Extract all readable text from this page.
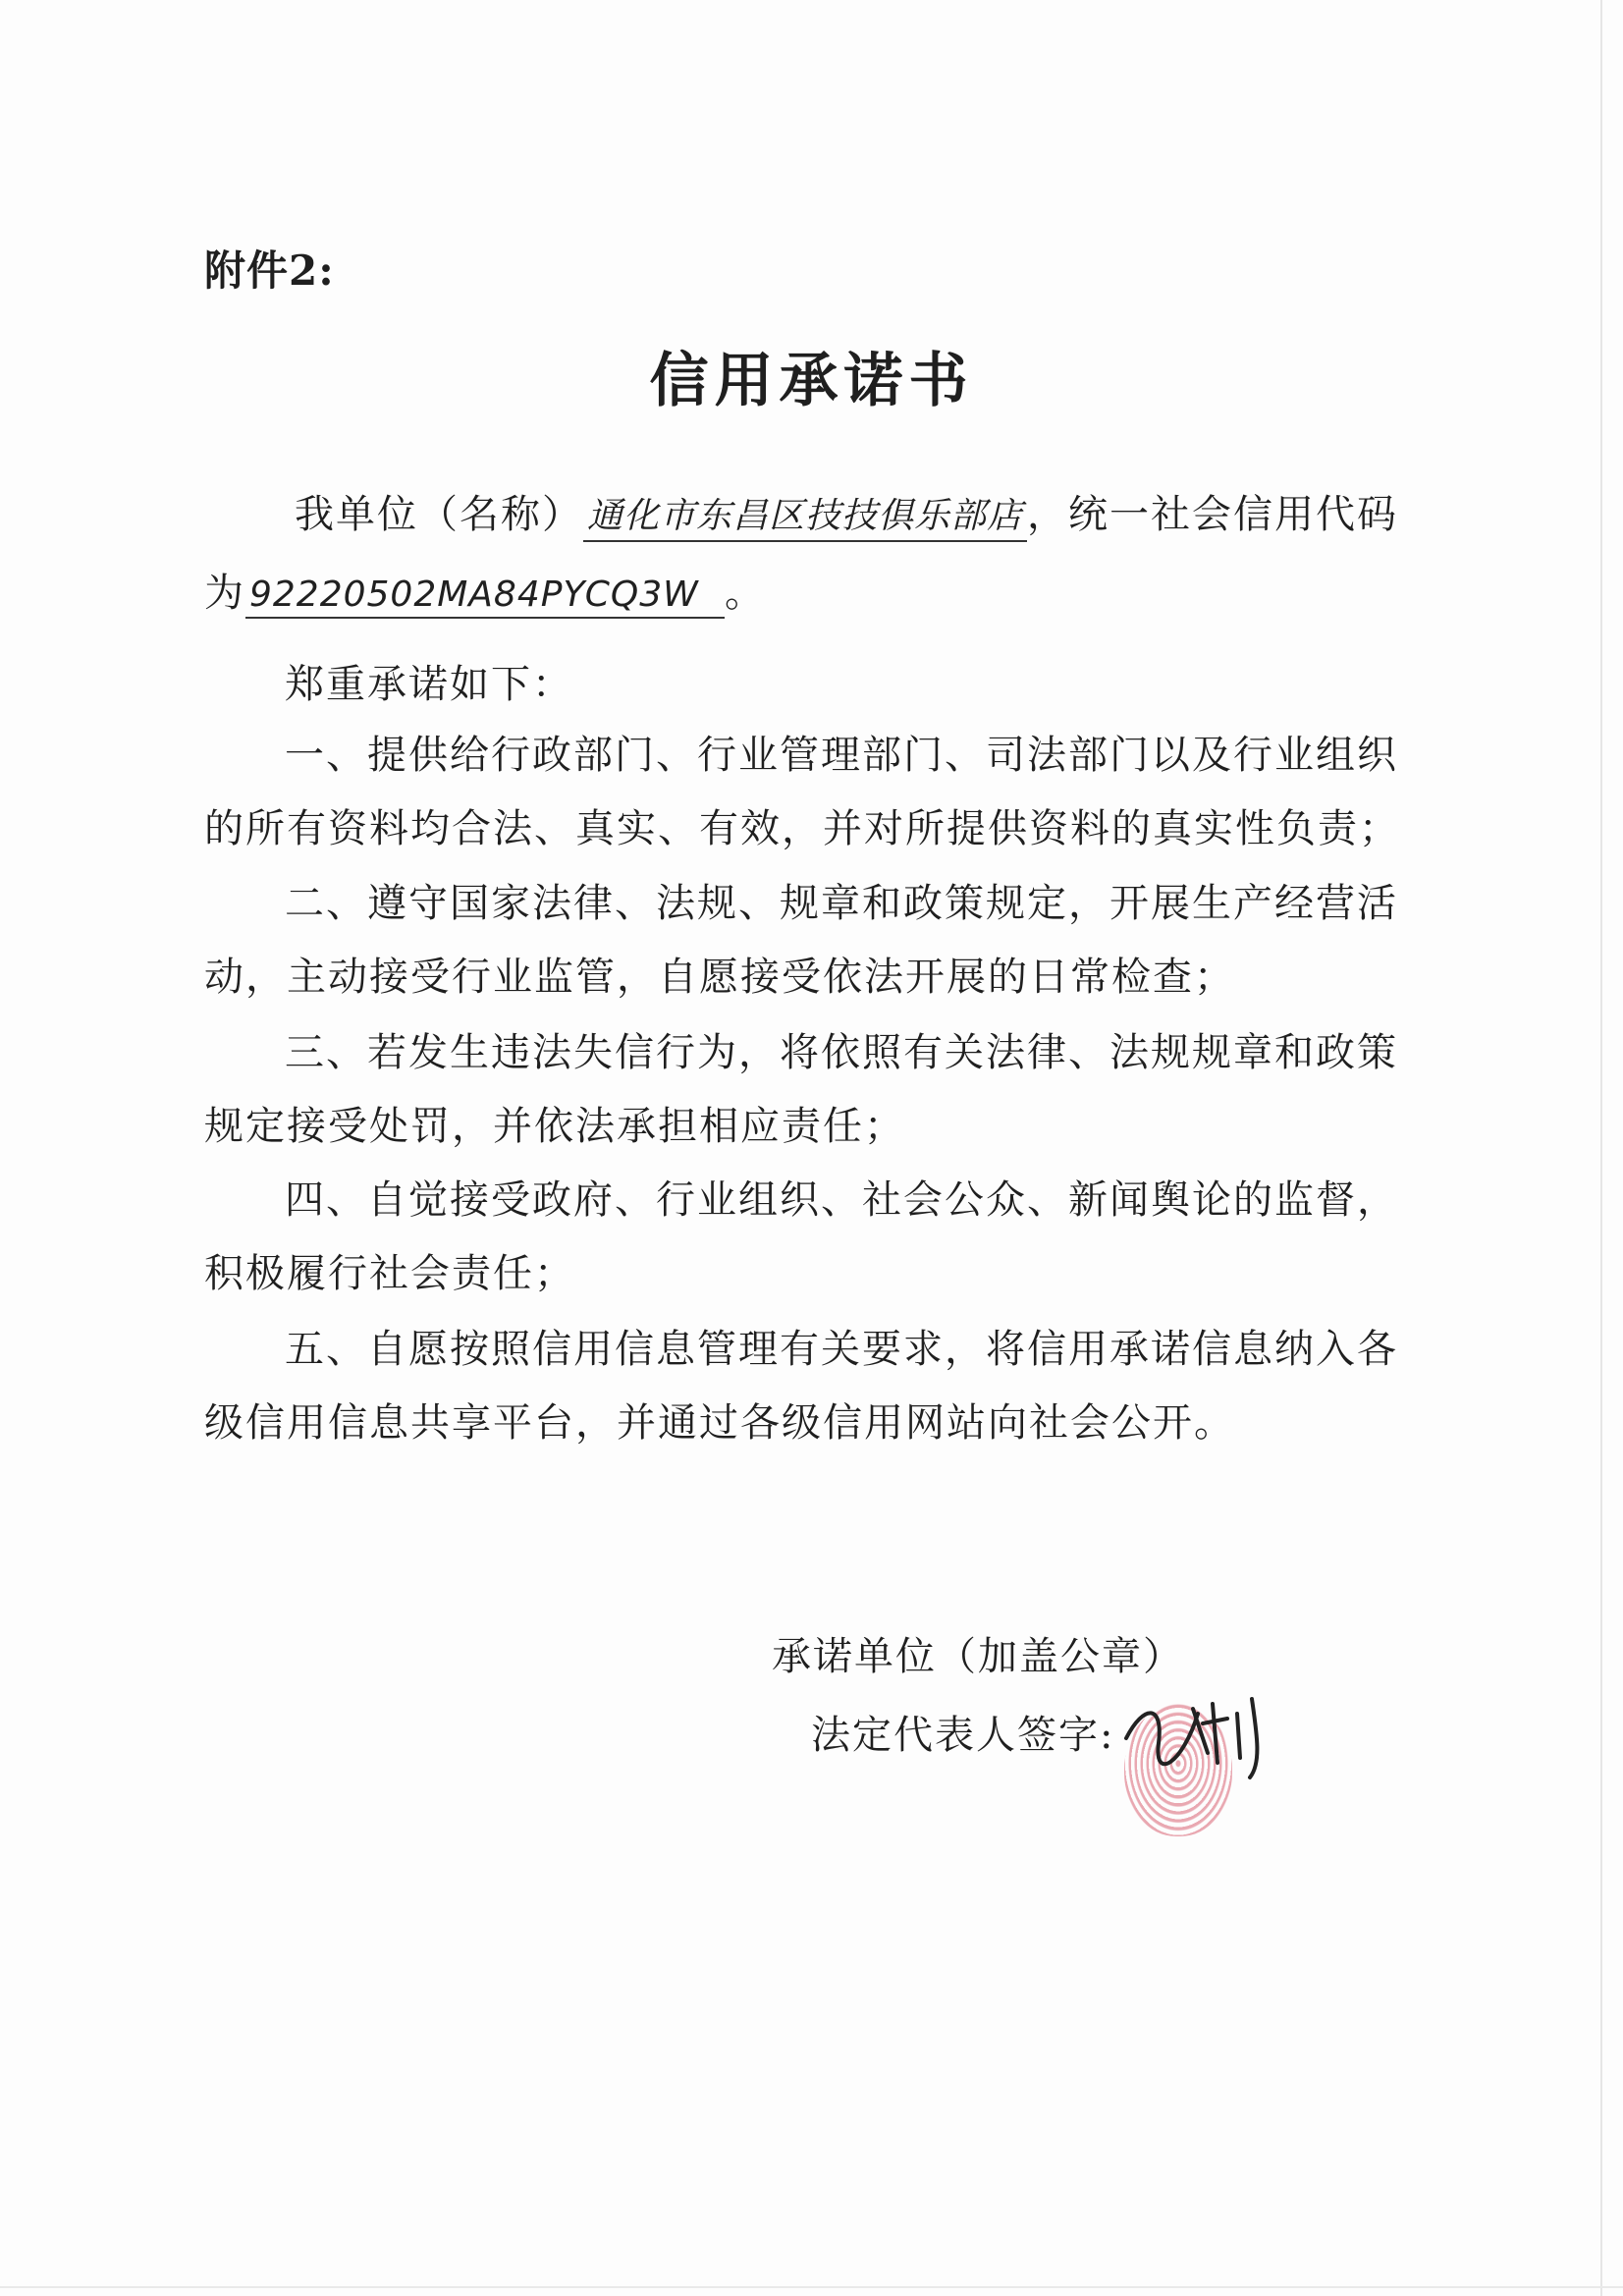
附件2:
信用承诺书
我单位（名称） 通化市东昌区技技俱乐部店 ，统一社会信用代码
为 92220502MA84PYCQ3W 。
郑重承诺如下：
一、提供给行政部门、行业管理部门、司法部门以及行业组织
的所有资料均合法、真实、有效，并对所提供资料的真实性负责；
二、遵守国家法律、法规、规章和政策规定，开展生产经营活
动，主动接受行业监管，自愿接受依法开展的日常检查；
三、若发生违法失信行为，将依照有关法律、法规规章和政策
规定接受处罚，并依法承担相应责任；
四、自觉接受政府、行业组织、社会公众、新闻舆论的监督，
积极履行社会责任；
五、自愿按照信用信息管理有关要求，将信用承诺信息纳入各
级信用信息共享平台，并通过各级信用网站向社会公开。
承诺单位（加盖公章）
法定代表人签字:
